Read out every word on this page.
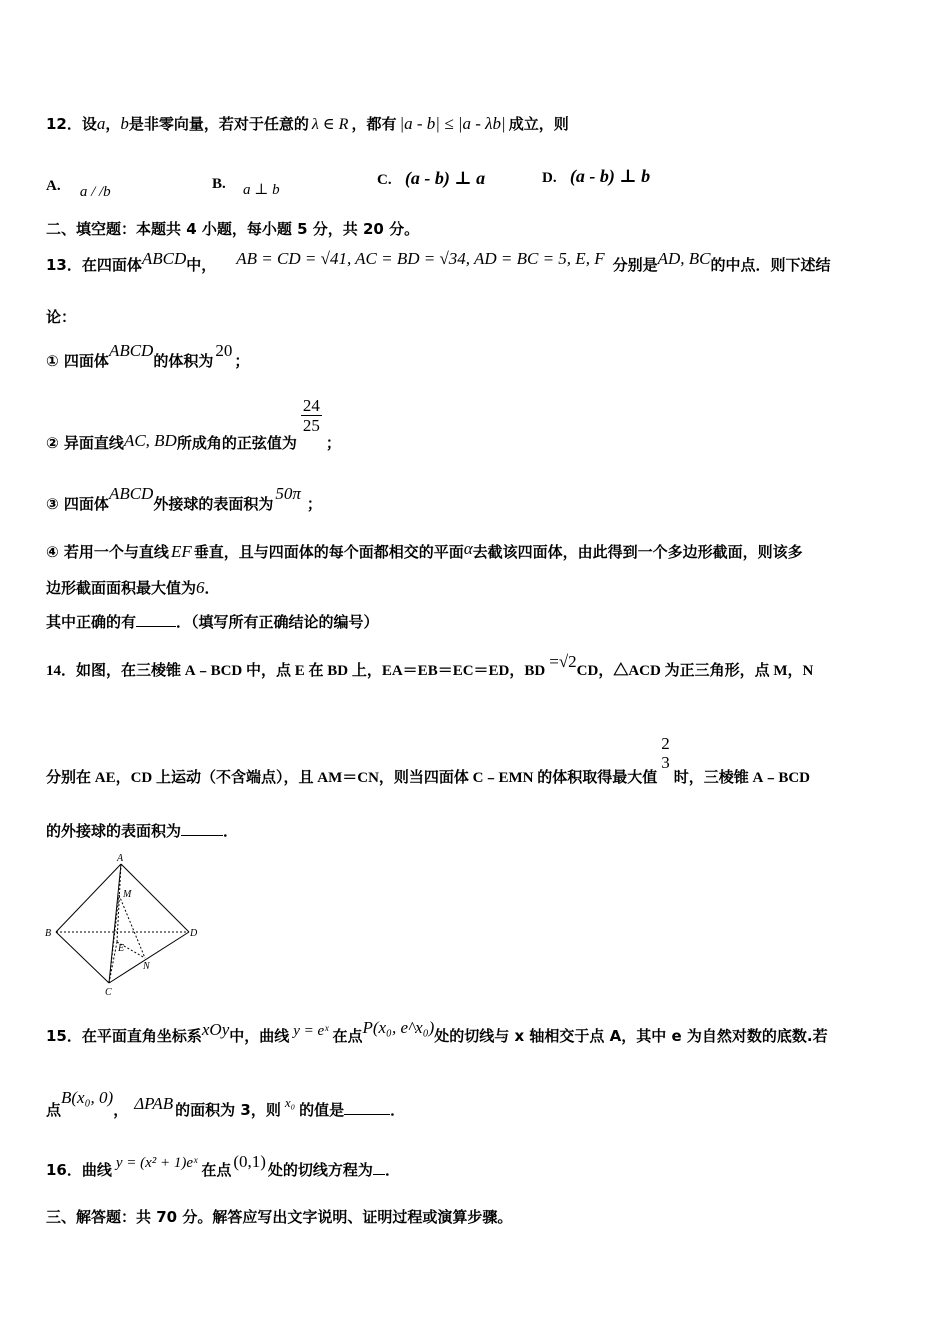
12．设a，b是非零向量，若对于任意的 λ ∈ R ，都有 |a - b| ≤ |a - λb| 成立，则
A. a / /b	B. a ⊥ b
C. (a - b) ⊥ a	D. (a - b) ⊥ b
二、填空题：本题共 4 小题，每小题 5 分，共 20 分。
13．在四面体ABCD中， AB = CD = √41, AC = BD = √34, AD = BC = 5, E, F 分别是AD, BC的中点．则下述结
论：
① 四面体ABCD的体积为20；
② 异面直线AC, BD所成角的正弦值为
$\frac{24}{25}$
；
③ 四面体ABCD外接球的表面积为50π；
④ 若用一个与直线 EF 垂直，且与四面体的每个面都相交的平面α去截该四面体，由此得到一个多边形截面，则该多
边形截面面积最大值为6．
其中正确的有	．（填写所有正确结论的编号）
14．如图，在三棱锥 A﹣BCD 中，点 E 在 BD 上，EA＝EB＝EC＝ED，BD =√2CD，△ACD 为正三角形，点 M，N
分别在 AE，CD 上运动（不含端点），且 AM＝CN，则当四面体 C﹣EMN 的体积取得最大值
2
3
时，三棱锥 A﹣BCD
的外接球的表面积为	．
A
B
C
D
M
E
N
15．在平面直角坐标系xOy中，曲线 y = eˣ 在点P(x₀, e^x₀)处的切线与 x 轴相交于点 A，其中 e 为自然对数的底数.若
点B(x₀, 0)， ΔPAB 的面积为 3，则 x₀ 的值是	．
16．曲线 y = (x² + 1)eˣ 在点 (0,1) 处的切线方程为 ．
三、解答题：共 70 分。解答应写出文字说明、证明过程或演算步骤。
